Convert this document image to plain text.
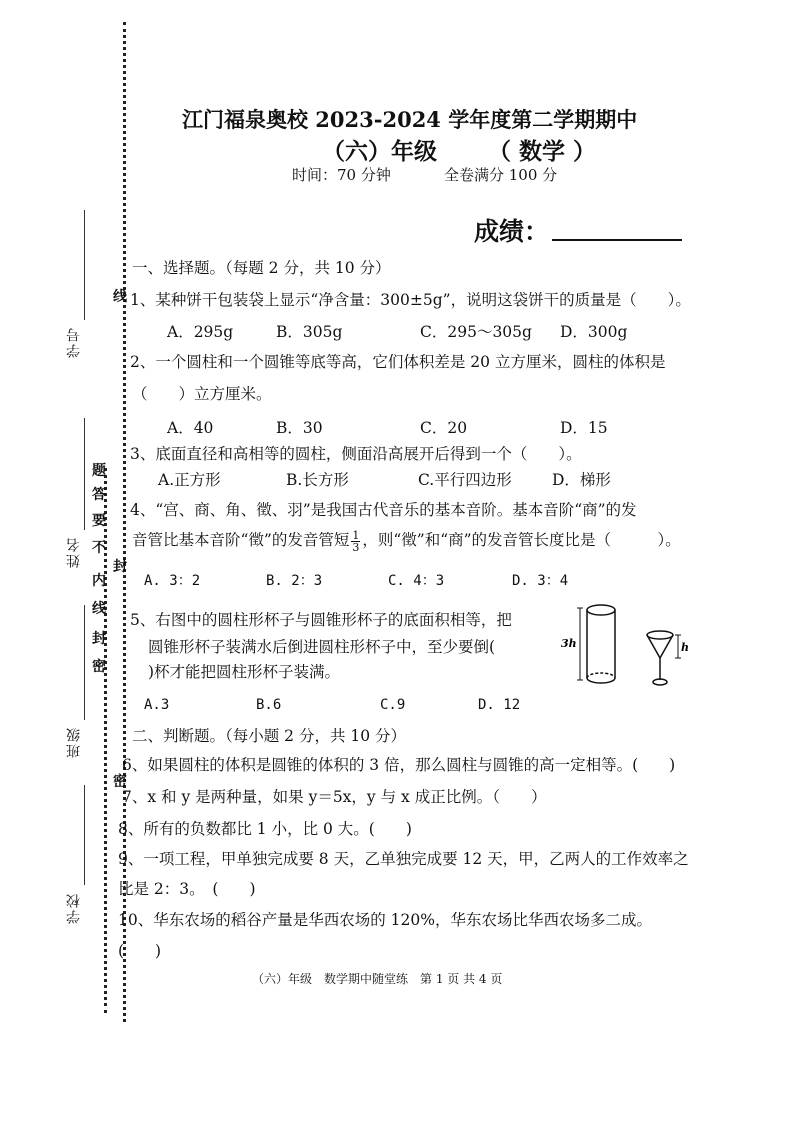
线
封
密
题
答
要
不
内
线
封
密
学号
姓名
班级
学校
江门福泉奥校 2023-2024 学年度第二学期期中
（六）年级 （ 数学 ）
时间：70 分钟	全卷满分 100 分
成绩：
一、选择题。（每题 2 分，共 10 分）
1、某种饼干包装袋上显示“净含量：300±5g”，说明这袋饼干的质量是（　　）。
A．295g	B．305g	C．295～305g D．300g
2、一个圆柱和一个圆锥等底等高，它们体积差是 20 立方厘米，圆柱的体积是
（　　）立方厘米。
A．40	B．30	C．20	D．15
3、底面直径和高相等的圆柱，侧面沿高展开后得到一个（　　）。
A.正方形	B.长方形	C.平行四边形	D．梯形
4、“宫、商、角、徵、羽”是我国古代音乐的基本音阶。基本音阶“商”的发
音管比基本音阶“徵”的发音管短 $\frac{1}{3}$ ，则“徵”和“商”的发音管长度比是（　　　）。
A. 3：2	B. 2：3	C. 4：3	D. 3：4
5、右图中的圆柱形杯子与圆锥形杯子的底面积相等，把
圆锥形杯子装满水后倒进圆柱形杯子中，至少要倒(
)杯才能把圆柱形杯子装满。
A.3	B.6	C.9	D. 12
3h	h
二、判断题。（每小题 2 分，共 10 分）
6、如果圆柱的体积是圆锥的体积的 3 倍，那么圆柱与圆锥的高一定相等。(　　)
7、x 和 y 是两种量，如果 y＝5x，y 与 x 成正比例。（　　）
8、所有的负数都比 1 小，比 0 大。(　　)
9、一项工程，甲单独完成要 8 天，乙单独完成要 12 天，甲，乙两人的工作效率之
比是 2：3。　(　　)
10、华东农场的稻谷产量是华西农场的 120%，华东农场比华西农场多二成。
(　　)
（六）年级　数学期中随堂练　第 1 页 共 4 页
